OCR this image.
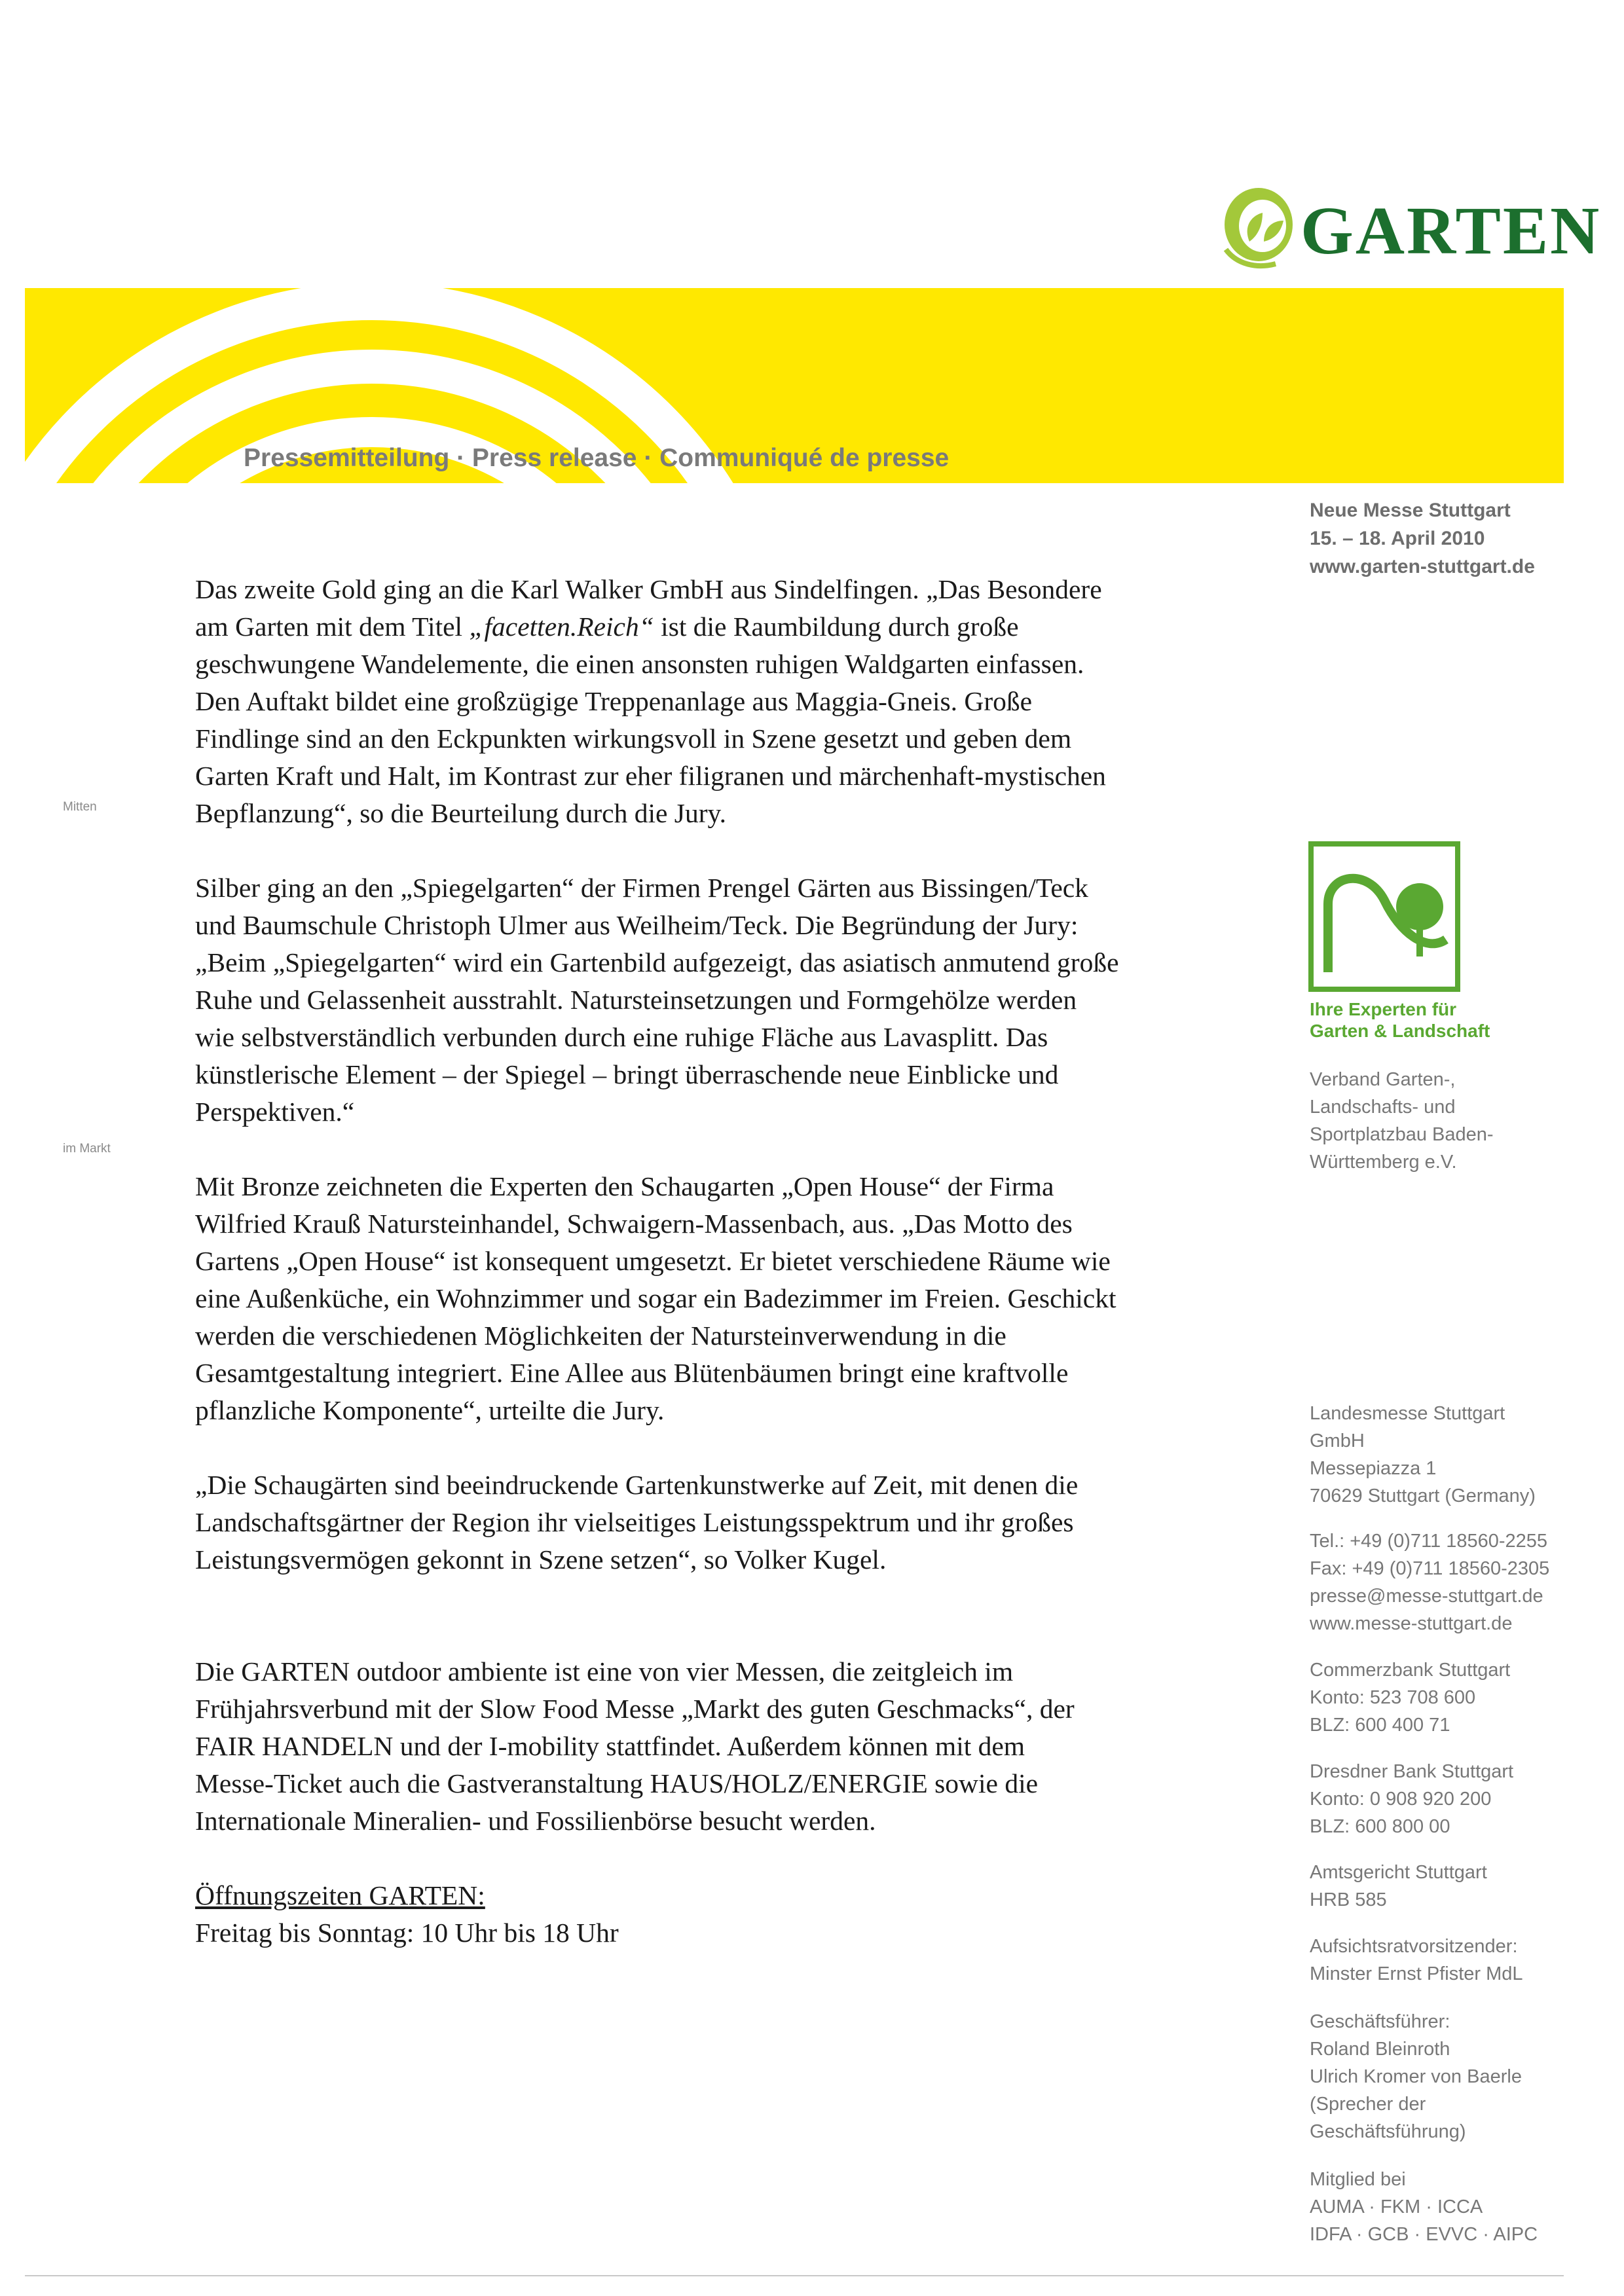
GARTEN
Pressemitteilung · Press release · Communiqué de presse
Neue Messe Stuttgart
15. – 18. April 2010
www.garten-stuttgart.de
Mitten
im Markt

Das zweite Gold ging an die Karl Walker GmbH aus Sindelfingen. „Das Besondere
am Garten mit dem Titel „facetten.Reich“ ist die Raumbildung durch große
geschwungene Wandelemente, die einen ansonsten ruhigen Waldgarten einfassen.
Den Auftakt bildet eine großzügige Treppenanlage aus Maggia-Gneis. Große
Findlinge sind an den Eckpunkten wirkungsvoll in Szene gesetzt und geben dem
Garten Kraft und Halt, im Kontrast zur eher filigranen und märchenhaft-mystischen
Bepflanzung“, so die Beurteilung durch die Jury.

Silber ging an den „Spiegelgarten“ der Firmen Prengel Gärten aus Bissingen/Teck
und Baumschule Christoph Ulmer aus Weilheim/Teck. Die Begründung der Jury:
„Beim „Spiegelgarten“ wird ein Gartenbild aufgezeigt, das asiatisch anmutend große
Ruhe und Gelassenheit ausstrahlt. Natursteinsetzungen und Formgehölze werden
wie selbstverständlich verbunden durch eine ruhige Fläche aus Lavasplitt. Das
künstlerische Element – der Spiegel – bringt überraschende neue Einblicke und
Perspektiven.“

Mit Bronze zeichneten die Experten den Schaugarten „Open House“ der Firma
Wilfried Krauß Natursteinhandel, Schwaigern-Massenbach, aus. „Das Motto des
Gartens „Open House“ ist konsequent umgesetzt. Er bietet verschiedene Räume wie
eine Außenküche, ein Wohnzimmer und sogar ein Badezimmer im Freien. Geschickt
werden die verschiedenen Möglichkeiten der Natursteinverwendung in die
Gesamtgestaltung integriert. Eine Allee aus Blütenbäumen bringt eine kraftvolle
pflanzliche Komponente“, urteilte die Jury.

„Die Schaugärten sind beeindruckende Gartenkunstwerke auf Zeit, mit denen die
Landschaftsgärtner der Region ihr vielseitiges Leistungsspektrum und ihr großes
Leistungsvermögen gekonnt in Szene setzen“, so Volker Kugel.

Die GARTEN outdoor ambiente ist eine von vier Messen, die zeitgleich im
Frühjahrsverbund mit der Slow Food Messe „Markt des guten Geschmacks“, der
FAIR HANDELN und der I-mobility stattfindet. Außerdem können mit dem
Messe-Ticket auch die Gastveranstaltung HAUS/HOLZ/ENERGIE sowie die
Internationale Mineralien- und Fossilienbörse besucht werden.

Öffnungszeiten GARTEN:

Freitag bis Sonntag: 10 Uhr bis 18 Uhr

Ihre Experten für
Garten & Landschaft
Verband Garten-,
Landschafts- und
Sportplatzbau Baden-
Württemberg e.V.
Landesmesse Stuttgart
GmbH
Messepiazza 1
70629 Stuttgart (Germany)
Tel.: +49 (0)711 18560-2255
Fax: +49 (0)711 18560-2305
presse@messe-stuttgart.de
www.messe-stuttgart.de
Commerzbank Stuttgart
Konto: 523 708 600
BLZ: 600 400 71
Dresdner Bank Stuttgart
Konto: 0 908 920 200
BLZ: 600 800 00
Amtsgericht Stuttgart
HRB 585
Aufsichtsratvorsitzender:
Minster Ernst Pfister MdL
Geschäftsführer:
Roland Bleinroth
Ulrich Kromer von Baerle
(Sprecher der
Geschäftsführung)
Mitglied bei
AUMA · FKM · ICCA
IDFA · GCB · EVVC · AIPC
